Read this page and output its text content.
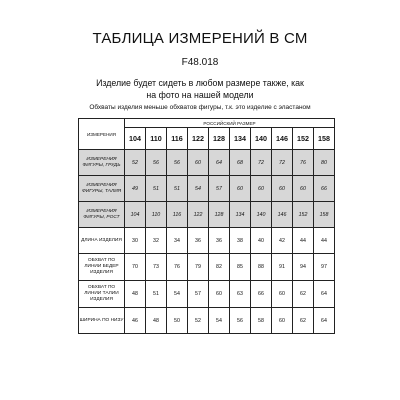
ТАБЛИЦА ИЗМЕРЕНИЙ В СМ
F48.018
Изделие будет сидеть в любом размере также, как на фото на нашей модели
Обхваты изделия меньше обхватов фигуры, т.к. это изделие с эластаном
ИЗМЕРЕНИЯ	РОССИЙСКИЙ РАЗМЕР									
	104	110	116	122	128	134	140	146	152	158
ИЗМЕРЕНИЯ ФИГУРЫ, ГРУДЬ	52	56	56	60	64	68	72	72	76	80
ИЗМЕРЕНИЯ ФИГУРЫ, ТАЛИЯ	49	51	51	54	57	60	60	60	60	66
ИЗМЕРЕНИЯ ФИГУРЫ, РОСТ	104	110	116	122	128	134	140	146	152	158
ДЛИНА ИЗДЕЛИЯ	30	32	34	36	36	38	40	42	44	44
ОБХВАТ ПО ЛИНИИ БЕДЕР ИЗДЕЛИЯ	70	73	76	79	82	85	88	91	94	97
ОБХВАТ ПО ЛИНИИ ТАЛИИ ИЗДЕЛИЯ	48	51	54	57	60	63	66	60	62	64
ШИРИНА ПО НИЗУ	46	48	50	52	54	56	58	60	62	64
